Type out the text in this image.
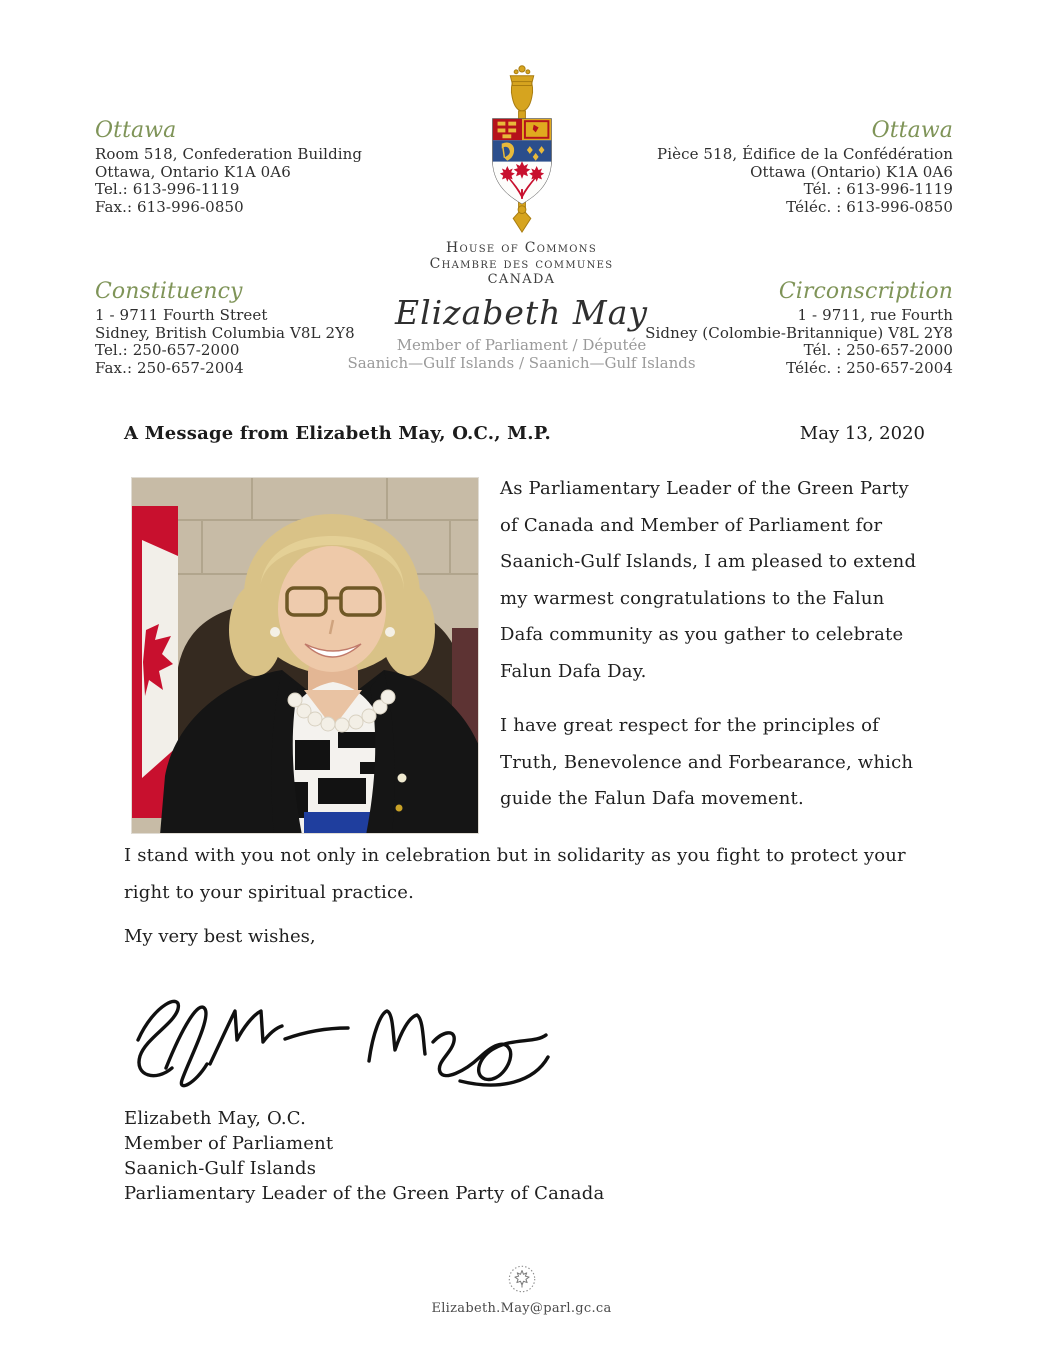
Ottawa
Room 518, Confederation Building
Ottawa, Ontario K1A 0A6
Tel.: 613-996-1119
Fax.: 613-996-0850
Ottawa
Pièce 518, Édifice de la Confédération
Ottawa (Ontario) K1A 0A6
Tél. : 613-996-1119
Téléc. : 613-996-0850
Constituency
1 - 9711 Fourth Street
Sidney, British Columbia V8L 2Y8
Tel.: 250-657-2000
Fax.: 250-657-2004
Circonscription
1 - 9711, rue Fourth
Sidney (Colombie-Britannique) V8L 2Y8
Tél. : 250-657-2000
Téléc. : 250-657-2004
House of Commons
Chambre des communes
CANADA
Elizabeth May
Member of Parliament / Députée
Saanich—Gulf Islands / Saanich—Gulf Islands
A Message from Elizabeth May, O.C., M.P.	May 13, 2020

As Parliamentary Leader of the Green Party of Canada and Member of Parliament for Saanich-Gulf Islands, I am pleased to extend my warmest congratulations to the Falun Dafa community as you gather to celebrate Falun Dafa Day.

I have great respect for the principles of Truth, Benevolence and Forbearance, which guide the Falun Dafa movement.

I stand with you not only in celebration but in solidarity as you fight to protect your right to your spiritual practice.
My very best wishes,
Elizabeth May, O.C.
Member of Parliament
Saanich-Gulf Islands
Parliamentary Leader of the Green Party of Canada
Elizabeth.May@parl.gc.ca
